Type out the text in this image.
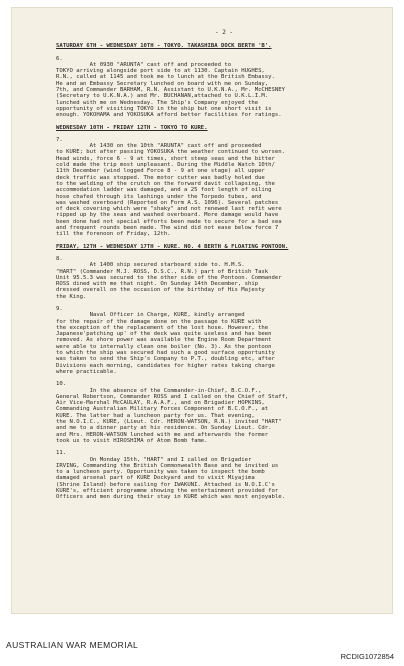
- 2 -
SATURDAY 6TH - WEDNESDAY 10TH - TOKYO. TAKASHIBA DOCK BERTH 'B'.
6.
At 0930 "ARUNTA" cast off and proceeded to
TOKYO arriving alongside port side to at 1130. Captain HUGHES,
R.N., called at 1145 and took me to lunch at the British Embassy.
He and an Embassy Secretary lunched on board with me on Sunday,
7th, and Commander BARHAM, R.N. Assistant to U.K.N.A., Mr. McCHESNEY
(Secretary to U.K.N.A.) and Mr. BUCHANAN,attached to U.K.L.I.M.
lunched with me on Wednesday. The Ship's Company enjoyed the
opportunity of visiting TOKYO in the ship but one short visit is
enough. YOKOHAMA and YOKOSUKA afford better facilities for ratings.
WEDNESDAY 10TH - FRIDAY 12TH - TOKYO TO KURE.
7.
At 1430 on the 10th "ARUNTA" cast off and proceeded
to KURE; but after passing YOKOSUKA the weather continued to worsen.
Head winds, force 6 - 9 at times, short steep seas and the bitter
cold made the trip most unpleasant. During the Middle Watch 10th/
11th December (wind logged Force 8 - 9 at one stage) all upper
deck traffic was stopped. The motor cutter was badly holed due
to the welding of the crutch on the forward davit collapsing, the
accommodation ladder was damaged, and a 25 foot length of oiling
hose chafed through its lashings under the Torpedo tubes, and
was washed overboard (Reported on Form A.S. 1096). Several patches
of deck covering which were "shaky" and not renewed last refit were
ripped up by the seas and washed overboard. More damage would have
been done had not special efforts been made to secure for a bad sea
and frequent rounds been made. The wind did not ease below force 7
till the forenoon of Friday, 12th.
FRIDAY, 12TH - WEDNESDAY 17TH - KURE. NO. 4 BERTH & FLOATING PONTOON.
8.
At 1400 ship secured starboard side to. H.M.S.
"HART" (Commander M.J. ROSS, D.S.C., R.N.) part of British Task
Unit 95.5.3 was secured to the other side of the Pontoon. Commander
ROSS dined with me that night. On Sunday 14th December, ship
dressed overall on the occasion of the birthday of His Majesty
the King.
9.
Naval Officer in Charge, KURE, kindly arranged
for the repair of the damage done on the passage to KURE with
the exception of the replacement of the lost hose. However, the
Japanese'patching up' of the deck was quite useless and has been
removed. As shore power was available the Engine Room Department
were able to internally clean one boiler (No. 3). As the pontoon
to which the ship was secured had such a good surface opportunity
was taken to send the Ship's Company to P.T., doubling etc, after
Divisions each morning, candidates for higher rates taking charge
where practicable.
10.
In the absence of the Commander-in-Chief, B.C.O.F.,
General Robertson, Commander ROSS and I called on the Chief of Staff,
Air Vice-Marshal McCAULAY, R.A.A.F., and on Brigadier HOPKINS,
Commanding Australian Military Forces Component of B.C.O.F., at
KURE. The latter had a luncheon party for us. That evening,
the N.O.I.C., KURE, (Lieut. Cdr. HERON-WATSON, R.N.) invited "HART"
and me to a dinner party at his residence. On Sunday Lieut. Cdr.
and Mrs. HERON-WATSON lunched with me and afterwards the former
took us to visit HIROSHIMA of Atom Bomb fame.
11.
On Monday 15th, "HART" and I called on Brigadier
IRVING, Commanding the British Commonwealth Base and he invited us
to a luncheon party. Opportunity was taken to inspect the bomb
damaged arsenal part of KURE Dockyard and to visit Miyajima
(Shrine Island) before sailing for IWAKUNI. Attached is N.O.I.C's
KURE's, efficient programme showing the entertainment provided for
Officers and men during their stay in KURE which was most enjoyable.
AUSTRALIAN WAR MEMORIAL
RCDIG1072854
